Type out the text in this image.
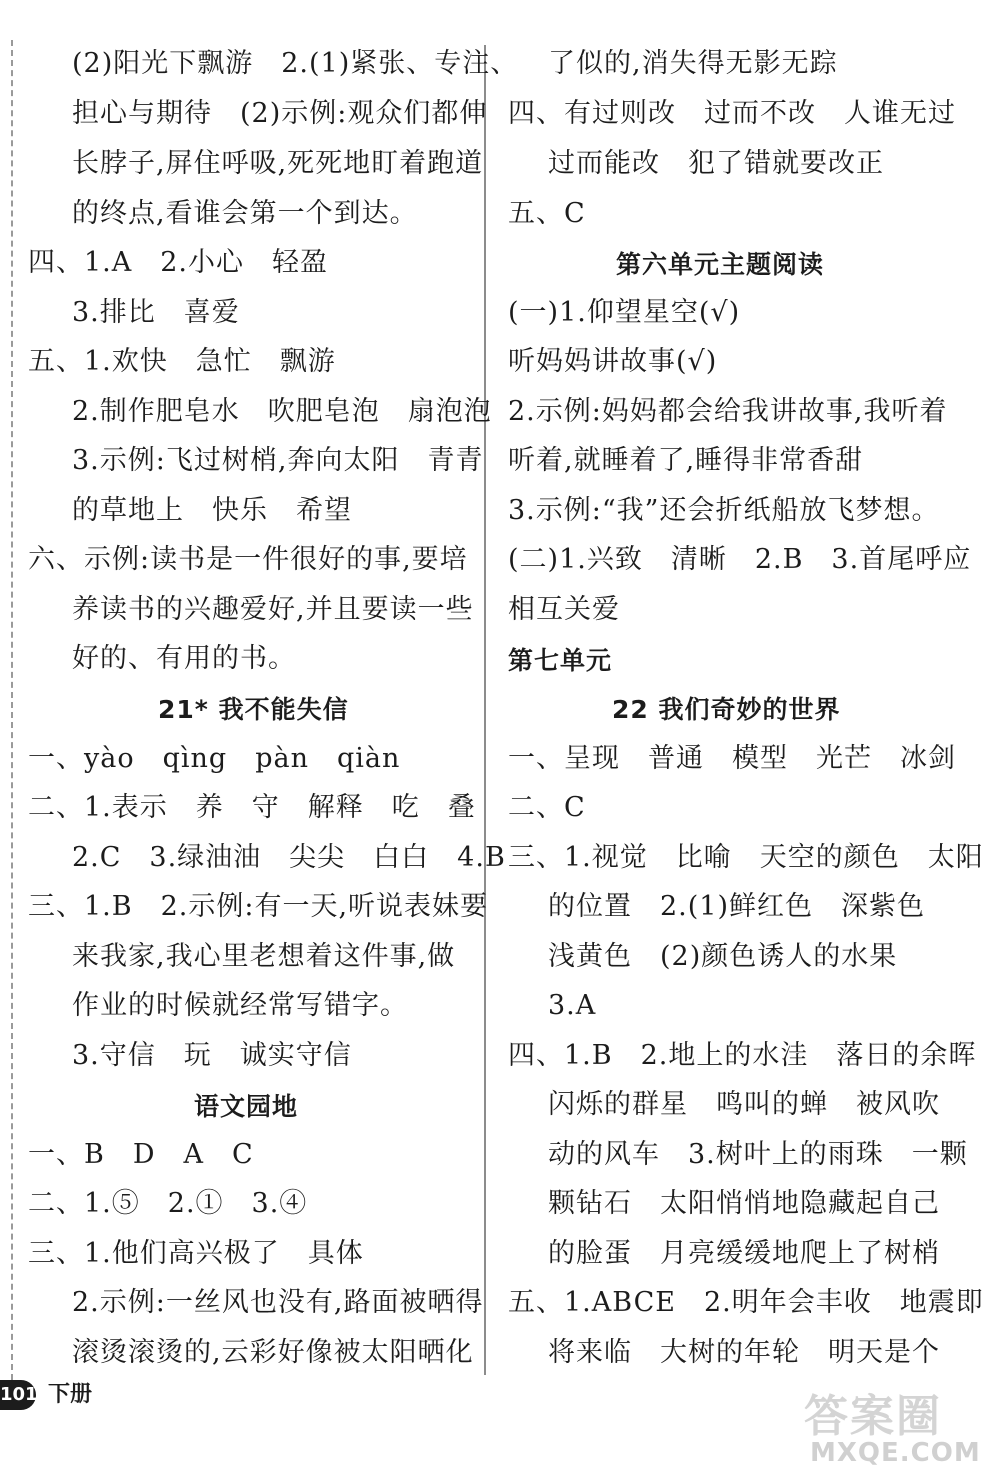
(2)阳光下飘游　2.(1)紧张、专注、
担心与期待　(2)示例:观众们都伸
长脖子,屏住呼吸,死死地盯着跑道
的终点,看谁会第一个到达。
四、1.A　2.小心　轻盈
3.排比　喜爱
五、1.欢快　急忙　飘游
2.制作肥皂水　吹肥皂泡　扇泡泡
3.示例:飞过树梢,奔向太阳　青青
的草地上　快乐　希望
六、示例:读书是一件很好的事,要培
养读书的兴趣爱好,并且要读一些
好的、有用的书。
21* 我不能失信
一、yào　qìng　pàn　qiàn
二、1.表示　养　守　解释　吃　叠
2.C　3.绿油油　尖尖　白白　4.B
三、1.B　2.示例:有一天,听说表妹要
来我家,我心里老想着这件事,做
作业的时候就经常写错字。
3.守信　玩　诚实守信
语文园地
一、B　D　A　C
二、1.⑤　2.①　3.④
三、1.他们高兴极了　具体
2.示例:一丝风也没有,路面被晒得
滚烫滚烫的,云彩好像被太阳晒化
了似的,消失得无影无踪
四、有过则改　过而不改　人谁无过
过而能改　犯了错就要改正
五、C
第六单元主题阅读
(一)1.仰望星空(√)
听妈妈讲故事(√)
2.示例:妈妈都会给我讲故事,我听着
听着,就睡着了,睡得非常香甜
3.示例:“我”还会折纸船放飞梦想。
(二)1.兴致　清晰　2.B　3.首尾呼应
相互关爱
第七单元
22 我们奇妙的世界
一、呈现　普通　模型　光芒　冰剑
二、C
三、1.视觉　比喻　天空的颜色　太阳
的位置　2.(1)鲜红色　深紫色
浅黄色　(2)颜色诱人的水果
3.A
四、1.B　2.地上的水洼　落日的余晖
闪烁的群星　鸣叫的蝉　被风吹
动的风车　3.树叶上的雨珠　一颗
颗钻石　太阳悄悄地隐藏起自己
的脸蛋　月亮缓缓地爬上了树梢
五、1.ABCE　2.明年会丰收　地震即
将来临　大树的年轮　明天是个
101 下册	答案圈
MXQE.COM
